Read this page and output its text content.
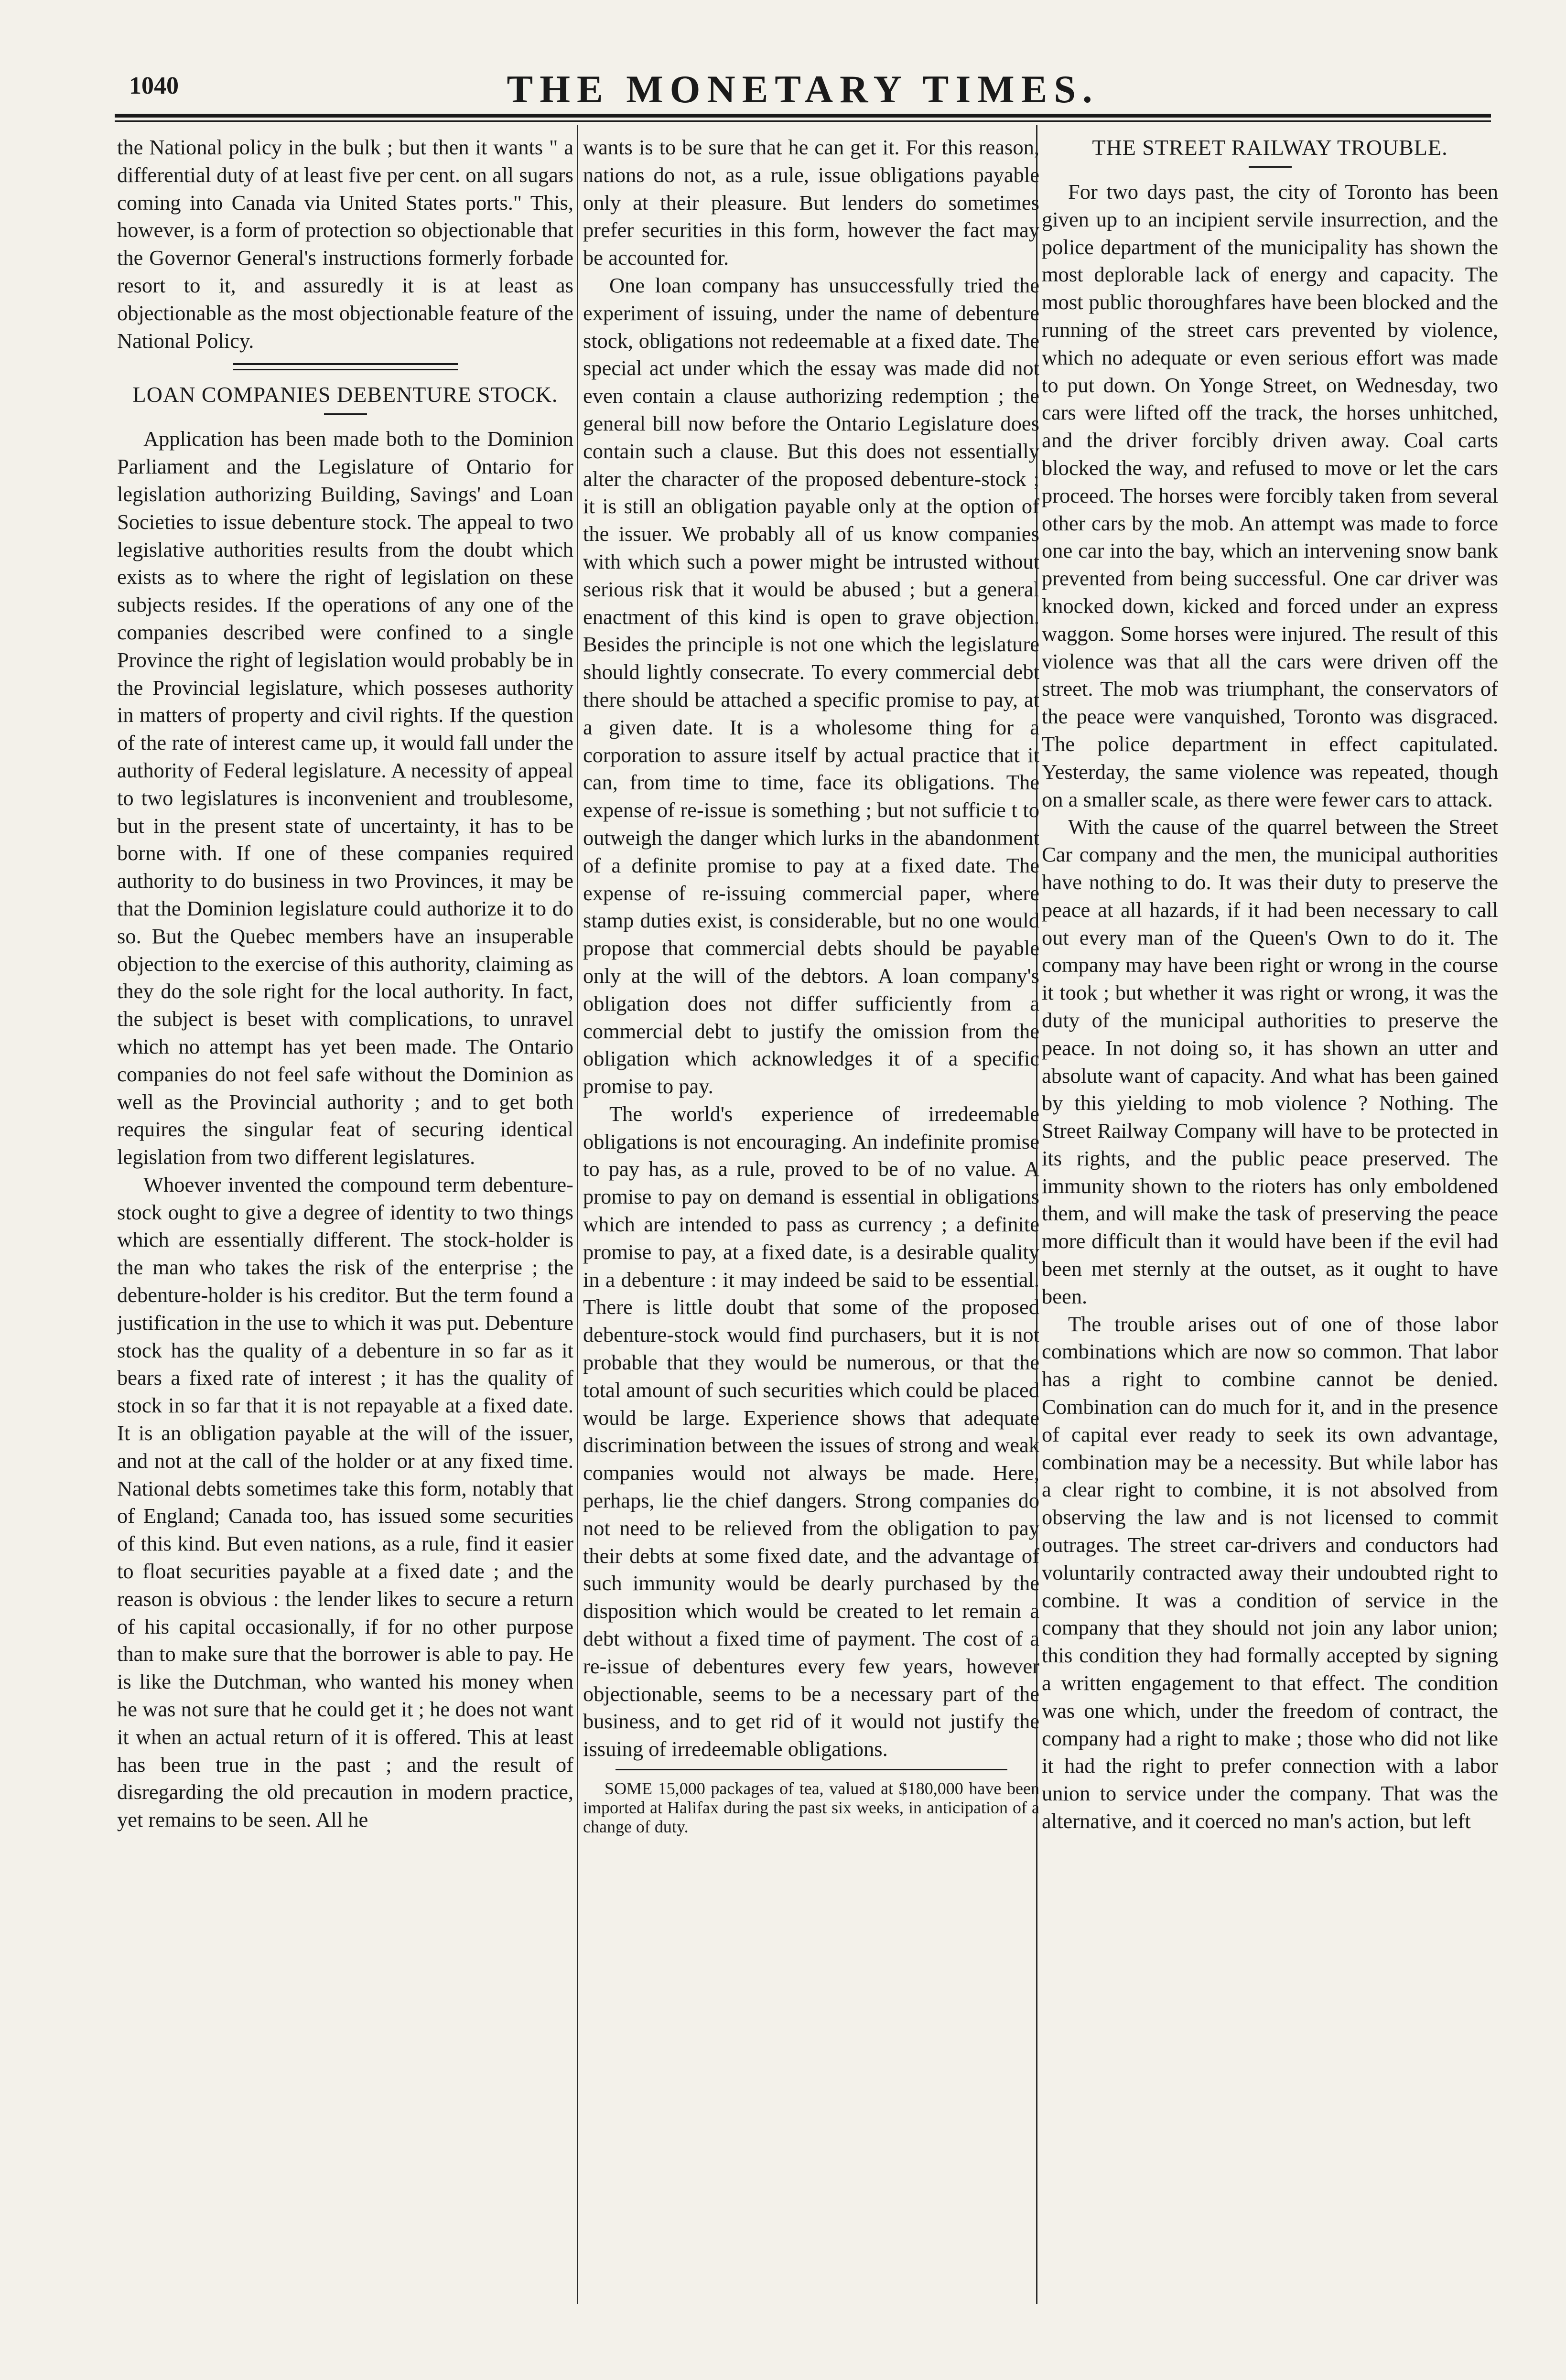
1040	THE MONETARY TIMES.

the National policy in the bulk ; but then it wants " a differential duty of at least five per cent. on all sugars coming into Canada via United States ports." This, however, is a form of protection so objectionable that the Governor General's instructions formerly forbade resort to it, and assuredly it is at least as objectionable as the most objectionable feature of the National Policy.

LOAN COMPANIES DEBENTURE STOCK.

Application has been made both to the Dominion Parliament and the Legislature of Ontario for legislation authorizing Building, Savings' and Loan Societies to issue debenture stock. The appeal to two legislative authorities results from the doubt which exists as to where the right of legislation on these subjects resides. If the operations of any one of the companies described were confined to a single Province the right of legislation would probably be in the Provincial legislature, which posseses authority in matters of property and civil rights. If the question of the rate of interest came up, it would fall under the authority of Federal legislature. A necessity of appeal to two legislatures is inconvenient and troublesome, but in the present state of uncertainty, it has to be borne with. If one of these companies required authority to do business in two Provinces, it may be that the Dominion legislature could authorize it to do so. But the Quebec members have an insuperable objection to the exercise of this authority, claiming as they do the sole right for the local authority. In fact, the subject is beset with complications, to unravel which no attempt has yet been made. The Ontario companies do not feel safe without the Dominion as well as the Provincial authority ; and to get both requires the singular feat of securing identical legislation from two different legislatures.

Whoever invented the compound term debenture-stock ought to give a degree of identity to two things which are essentially different. The stock-holder is the man who takes the risk of the enterprise ; the debenture-holder is his creditor. But the term found a justification in the use to which it was put. Debenture stock has the quality of a debenture in so far as it bears a fixed rate of interest ; it has the quality of stock in so far that it is not repayable at a fixed date. It is an obligation payable at the will of the issuer, and not at the call of the holder or at any fixed time. National debts sometimes take this form, notably that of England; Canada too, has issued some securities of this kind. But even nations, as a rule, find it easier to float securities payable at a fixed date ; and the reason is obvious : the lender likes to secure a return of his capital occasionally, if for no other purpose than to make sure that the borrower is able to pay. He is like the Dutchman, who wanted his money when he was not sure that he could get it ; he does not want it when an actual return of it is offered. This at least has been true in the past ; and the result of disregarding the old precaution in modern practice, yet remains to be seen. All he

wants is to be sure that he can get it. For this reason, nations do not, as a rule, issue obligations payable only at their pleasure. But lenders do sometimes prefer securities in this form, however the fact may be accounted for.

One loan company has unsuccessfully tried the experiment of issuing, under the name of debenture stock, obligations not redeemable at a fixed date. The special act under which the essay was made did not even contain a clause authorizing redemption ; the general bill now before the Ontario Legislature does contain such a clause. But this does not essentially alter the character of the proposed debenture-stock ; it is still an obligation payable only at the option of the issuer. We probably all of us know companies with which such a power might be intrusted without serious risk that it would be abused ; but a general enactment of this kind is open to grave objection. Besides the principle is not one which the legislature should lightly consecrate. To every commercial debt there should be attached a specific promise to pay, at a given date. It is a wholesome thing for a corporation to assure itself by actual practice that it can, from time to time, face its obligations. The expense of re-issue is something ; but not sufficie t to outweigh the danger which lurks in the abandonment of a definite promise to pay at a fixed date. The expense of re-issuing commercial paper, where stamp duties exist, is considerable, but no one would propose that commercial debts should be payable only at the will of the debtors. A loan company's obligation does not differ sufficiently from a commercial debt to justify the omission from the obligation which acknowledges it of a specific promise to pay.

The world's experience of irredeemable obligations is not encouraging. An indefinite promise to pay has, as a rule, proved to be of no value. A promise to pay on demand is essential in obligations which are intended to pass as currency ; a definite promise to pay, at a fixed date, is a desirable quality in a debenture : it may indeed be said to be essential. There is little doubt that some of the proposed debenture-stock would find purchasers, but it is not probable that they would be numerous, or that the total amount of such securities which could be placed would be large. Experience shows that adequate discrimination between the issues of strong and weak companies would not always be made. Here, perhaps, lie the chief dangers. Strong companies do not need to be relieved from the obligation to pay their debts at some fixed date, and the advantage of such immunity would be dearly purchased by the disposition which would be created to let remain a debt without a fixed time of payment. The cost of a re-issue of debentures every few years, however objectionable, seems to be a necessary part of the business, and to get rid of it would not justify the issuing of irredeemable obligations.

SOME 15,000 packages of tea, valued at $180,000 have been imported at Halifax during the past six weeks, in anticipation of a change of duty.

THE STREET RAILWAY TROUBLE.

For two days past, the city of Toronto has been given up to an incipient servile insurrection, and the police department of the municipality has shown the most deplorable lack of energy and capacity. The most public thoroughfares have been blocked and the running of the street cars prevented by violence, which no adequate or even serious effort was made to put down. On Yonge Street, on Wednesday, two cars were lifted off the track, the horses unhitched, and the driver forcibly driven away. Coal carts blocked the way, and refused to move or let the cars proceed. The horses were forcibly taken from several other cars by the mob. An attempt was made to force one car into the bay, which an intervening snow bank prevented from being successful. One car driver was knocked down, kicked and forced under an express waggon. Some horses were injured. The result of this violence was that all the cars were driven off the street. The mob was triumphant, the conservators of the peace were vanquished, Toronto was disgraced. The police department in effect capitulated. Yesterday, the same violence was repeated, though on a smaller scale, as there were fewer cars to attack.

With the cause of the quarrel between the Street Car company and the men, the municipal authorities have nothing to do. It was their duty to preserve the peace at all hazards, if it had been necessary to call out every man of the Queen's Own to do it. The company may have been right or wrong in the course it took ; but whether it was right or wrong, it was the duty of the municipal authorities to preserve the peace. In not doing so, it has shown an utter and absolute want of capacity. And what has been gained by this yielding to mob violence ? Nothing. The Street Railway Company will have to be protected in its rights, and the public peace preserved. The immunity shown to the rioters has only emboldened them, and will make the task of preserving the peace more difficult than it would have been if the evil had been met sternly at the outset, as it ought to have been.

The trouble arises out of one of those labor combinations which are now so common. That labor has a right to combine cannot be denied. Combination can do much for it, and in the presence of capital ever ready to seek its own advantage, combination may be a necessity. But while labor has a clear right to combine, it is not absolved from observing the law and is not licensed to commit outrages. The street car-drivers and conductors had voluntarily contracted away their undoubted right to combine. It was a condition of service in the company that they should not join any labor union; this condition they had formally accepted by signing a written engagement to that effect. The condition was one which, under the freedom of contract, the company had a right to make ; those who did not like it had the right to prefer connection with a labor union to service under the company. That was the alternative, and it coerced no man's action, but left
